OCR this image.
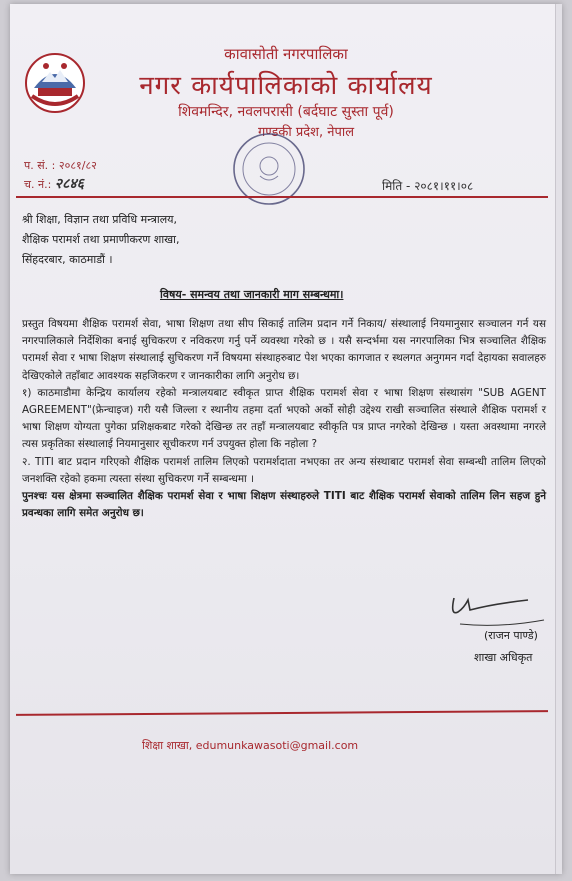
कावासोती नगरपालिका
नगर कार्यपालिकाको कार्यालय
शिवमन्दिर, नवलपरासी (बर्दघाट सुस्ता पूर्व)
गण्डकी प्रदेश, नेपाल
प. सं. : २०८१/८२
च. नं.: २८४६	मिति - २०८१।११।०८
श्री शिक्षा, विज्ञान तथा प्रविधि मन्त्रालय,
शैक्षिक परामर्श तथा प्रमाणीकरण शाखा,
सिंहदरबार, काठमाडौं ।
विषय- समन्वय तथा जानकारी माग सम्बन्धमा।

प्रस्तुत विषयमा शैक्षिक परामर्श सेवा, भाषा शिक्षण तथा सीप सिकाई तालिम प्रदान गर्ने निकाय/ संस्थालाई नियमानुसार सञ्चालन गर्न यस नगरपालिकाले निर्देशिका बनाई सुचिकरण र नविकरण गर्नु पर्ने व्यवस्था गरेको छ । यसै सन्दर्भमा यस नगरपालिका भित्र सञ्चालित शैक्षिक परामर्श सेवा र भाषा शिक्षण संस्थालाई सुचिकरण गर्ने विषयमा संस्थाहरुबाट पेश भएका कागजात र स्थलगत अनुगमन गर्दा देहायका सवालहरु देखिएकोले तहाँबाट आवश्यक सहजिकरण र जानकारीका लागि अनुरोध छ।

१) काठमाडौमा केन्द्रिय कार्यालय रहेको मन्त्रालयबाट स्वीकृत प्राप्त शैक्षिक परामर्श सेवा र भाषा शिक्षण संस्थासंग "SUB AGENT AGREEMENT"(फ्रेन्चाइज) गरी यसै जिल्ला र स्थानीय तहमा दर्ता भएको अर्को सोही उद्देश्य राखी सञ्चालित संस्थाले शैक्षिक परामर्श र भाषा शिक्षण योग्यता पुगेका प्रशिक्षकबाट गरेको देखिन्छ तर तहाँ मन्त्रालयबाट स्वीकृति पत्र प्राप्त नगरेको देखिन्छ । यस्ता अवस्थामा नगरले त्यस प्रकृतिका संस्थालाई नियमानुसार सूचीकरण गर्न उपयुक्त होला कि नहोला ?

२. TITI बाट प्रदान गरिएको शैक्षिक परामर्श तालिम लिएको परामर्शदाता नभएका तर अन्य संस्थाबाट परामर्श सेवा सम्बन्धी तालिम लिएको जनशक्ति रहेको हकमा त्यस्ता संस्था सुचिकरण गर्ने सम्बन्धमा ।

पुनश्चः यस क्षेत्रमा सञ्चालित शैक्षिक परामर्श सेवा र भाषा शिक्षण संस्थाहरुले TITI बाट शैक्षिक परामर्श सेवाको तालिम लिन सहज हुने प्रवन्धका लागि समेत अनुरोध छ।

(राजन पाण्डे)
शाखा अधिकृत
शिक्षा शाखा, edumunkawasoti@gmail.com
